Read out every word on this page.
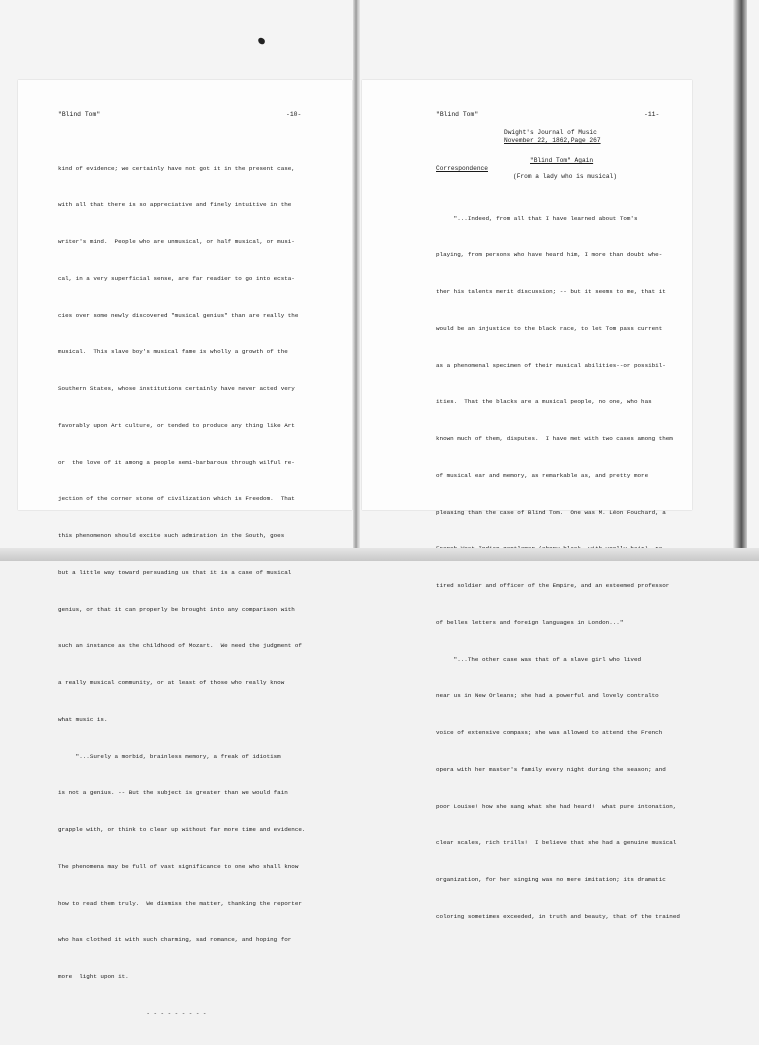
"Blind Tom"	-10-

kind of evidence; we certainly have not got it in the present case,

with all that there is so appreciative and finely intuitive in the

writer's mind.  People who are unmusical, or half musical, or musi-

cal, in a very superficial sense, are far readier to go into ecsta-

cies over some newly discovered "musical genius" than are really the

musical.  This slave boy's musical fame is wholly a growth of the

Southern States, whose institutions certainly have never acted very

favorably upon Art culture, or tended to produce any thing like Art

or  the love of it among a people semi-barbarous through wilful re-

jection of the corner stone of civilization which is Freedom.  That

this phenomenon should excite such admiration in the South, goes

but a little way toward persuading us that it is a case of musical

genius, or that it can properly be brought into any comparison with

such an instance as the childhood of Mozart.  We need the judgment of

a really musical community, or at least of those who really know

what music is.

"...Surely a morbid, brainless memory, a freak of idiotism

is not a genius. -- But the subject is greater than we would fain

grapple with, or think to clear up without far more time and evidence.

The phenomena may be full of vast significance to one who shall know

how to read them truly.  We dismiss the matter, thanking the reporter

who has clothed it with such charming, sad romance, and hoping for

more  light upon it.

- - - - - - - - -

"Blind Tom"	-11-
Dwight's Journal of Music
November 22, 1862,Page 267
"Blind Tom" Again
Correspondence
(From a lady who is musical)

"...Indeed, from all that I have learned about Tom's

playing, from persons who have heard him, I more than doubt whe-

ther his talents merit discussion; -- but it seems to me, that it

would be an injustice to the black race, to let Tom pass current

as a phenomenal specimen of their musical abilities--or possibil-

ities.  That the blacks are a musical people, no one, who has

known much of them, disputes.  I have met with two cases among them

of musical ear and memory, as remarkable as, and pretty more

pleasing than the case of Blind Tom.  One was M. Léon Fouchard, a

tired soldier and officer of the Empire, and an esteemed professor

of belles letters and foreign languages in London..."

"...The other case was that of a slave girl who lived

near us in New Orleans; she had a powerful and lovely contralto

voice of extensive compass; she was allowed to attend the French

opera with her master's family every night during the season; and

poor Louise! how she sang what she had heard!  what pure intonation,

clear scales, rich trills!  I believe that she had a genuine musical

organization, for her singing was no mere imitation; its dramatic

coloring sometimes exceeded, in truth and beauty, that of the trained
